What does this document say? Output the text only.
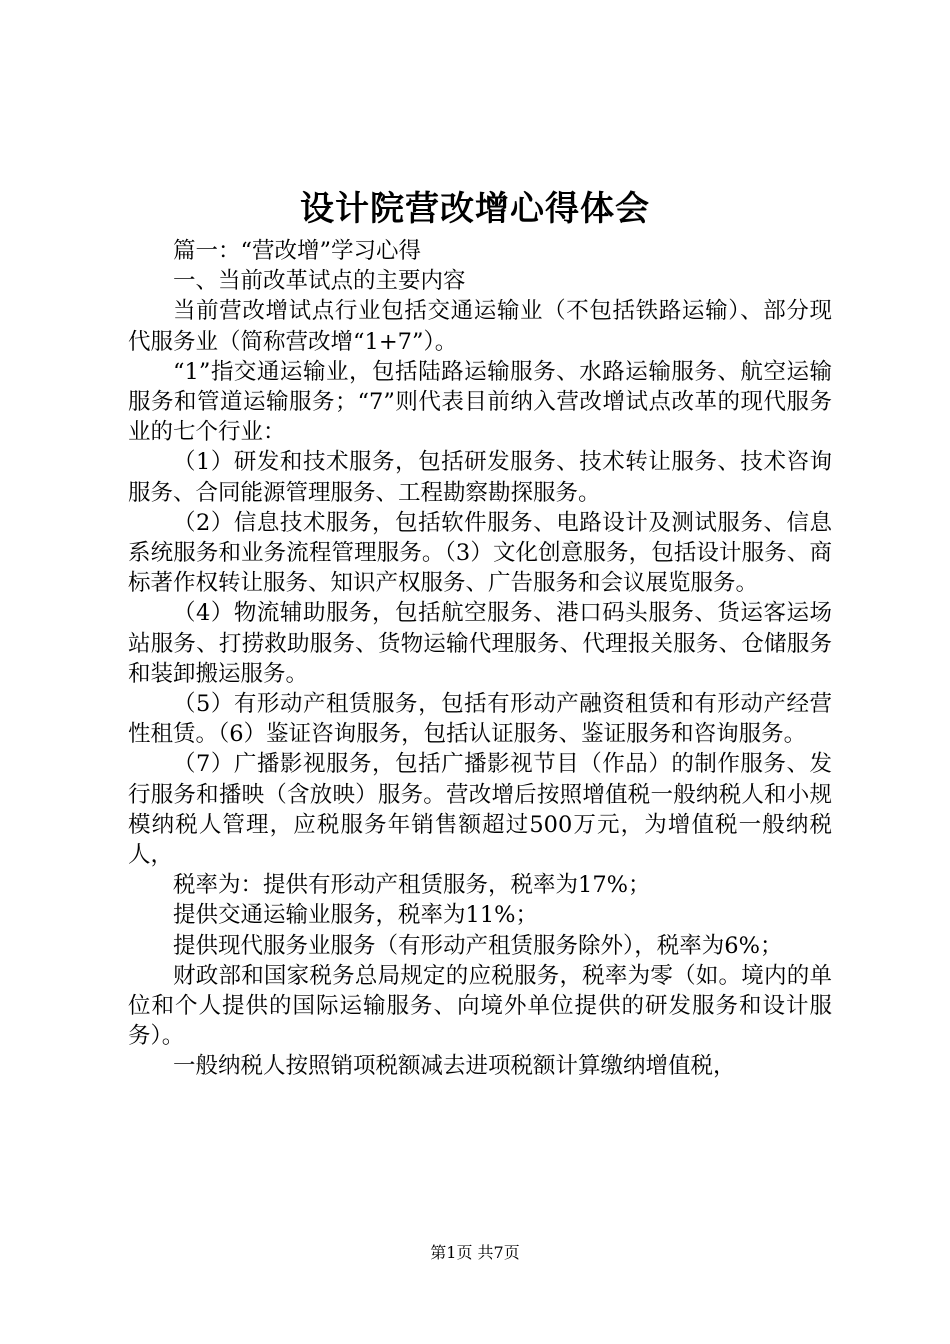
设计院营改增心得体会

篇一：“营改增”学习心得

一、当前改革试点的主要内容

当前营改增试点行业包括交通运输业（不包括铁路运输）、部分现代服务业（简称营改增“1+7”）。

“1”指交通运输业，包括陆路运输服务、水路运输服务、航空运输服务和管道运输服务；“7”则代表目前纳入营改增试点改革的现代服务业的七个行业：

（1）研发和技术服务，包括研发服务、技术转让服务、技术咨询服务、合同能源管理服务、工程勘察勘探服务。

（2）信息技术服务，包括软件服务、电路设计及测试服务、信息系统服务和业务流程管理服务。（3）文化创意服务，包括设计服务、商标著作权转让服务、知识产权服务、广告服务和会议展览服务。

（4）物流辅助服务，包括航空服务、港口码头服务、货运客运场站服务、打捞救助服务、货物运输代理服务、代理报关服务、仓储服务和装卸搬运服务。

（5）有形动产租赁服务，包括有形动产融资租赁和有形动产经营性租赁。（6）鉴证咨询服务，包括认证服务、鉴证服务和咨询服务。

（7）广播影视服务，包括广播影视节目（作品）的制作服务、发行服务和播映（含放映）服务。营改增后按照增值税一般纳税人和小规模纳税人管理，应税服务年销售额超过500万元，为增值税一般纳税人，

税率为：提供有形动产租赁服务，税率为17%；

提供交通运输业服务，税率为11%；

提供现代服务业服务（有形动产租赁服务除外），税率为6%；

财政部和国家税务总局规定的应税服务，税率为零（如。境内的单位和个人提供的国际运输服务、向境外单位提供的研发服务和设计服务）。

一般纳税人按照销项税额减去进项税额计算缴纳增值税，

第1页 共7页
